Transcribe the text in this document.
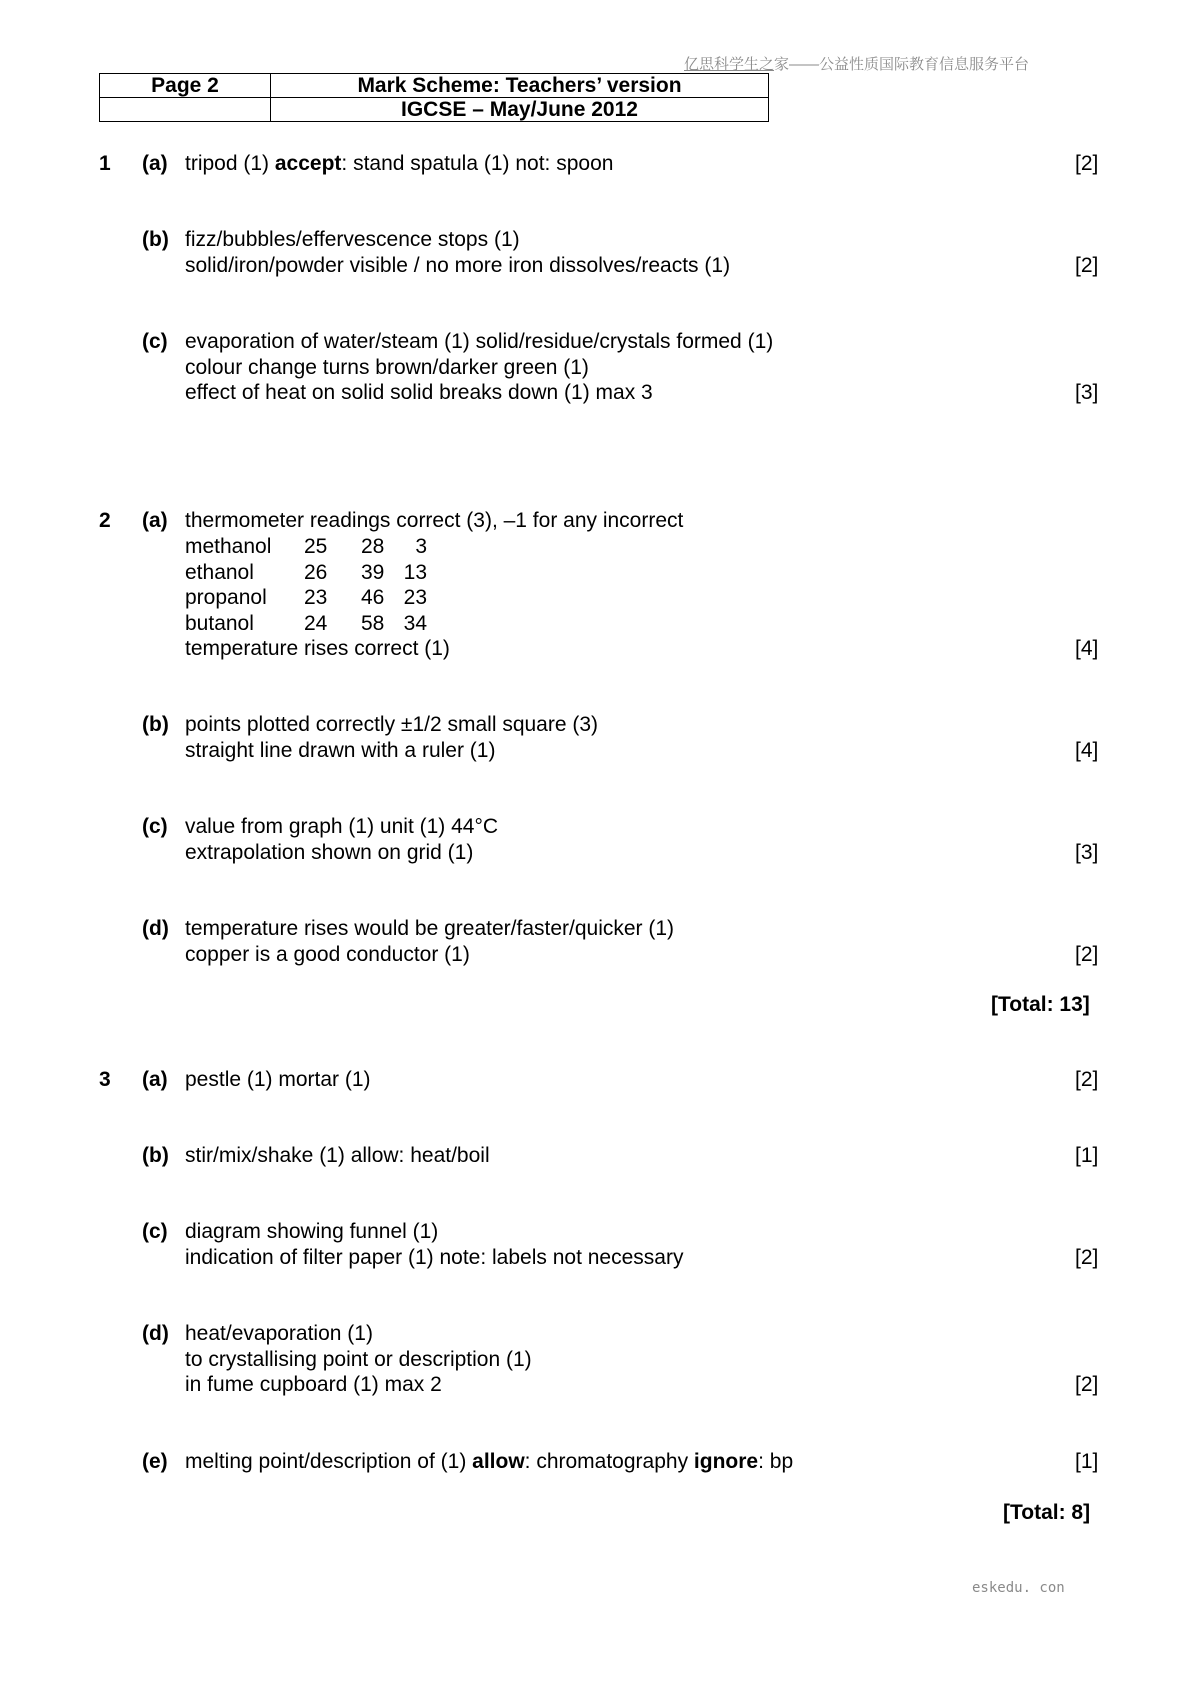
亿思科学生之家——公益性质国际教育信息服务平台
Page 2	Mark Scheme: Teachers’ version
	IGCSE – May/June 2012
1 (a) tripod (1) accept: stand spatula (1) not: spoon	[2]
(b) fizz/bubbles/effervescence stops (1)
solid/iron/powder visible / no more iron dissolves/reacts (1)	[2]
(c) evaporation of water/steam (1) solid/residue/crystals formed (1)
colour change turns brown/darker green (1)
effect of heat on solid solid breaks down (1) max 3	[3]
2 (a) thermometer readings correct (3), –1 for any incorrect
methanol 25 28 3
ethanol 26 39 13
propanol 23 46 23
butanol 24 58 34
temperature rises correct (1)	[4]
(b) points plotted correctly ±1/2 small square (3)
straight line drawn with a ruler (1)	[4]
(c) value from graph (1) unit (1) 44°C
extrapolation shown on grid (1)	[3]
(d) temperature rises would be greater/faster/quicker (1)
copper is a good conductor (1)	[2]
[Total: 13]
3 (a) pestle (1) mortar (1)	[2]
(b) stir/mix/shake (1) allow: heat/boil	[1]
(c) diagram showing funnel (1)
indication of filter paper (1) note: labels not necessary	[2]
(d) heat/evaporation (1)
to crystallising point or description (1)
in fume cupboard (1) max 2	[2]
(e) melting point/description of (1) allow: chromatography ignore: bp	[1]
[Total: 8]
eskedu. con
